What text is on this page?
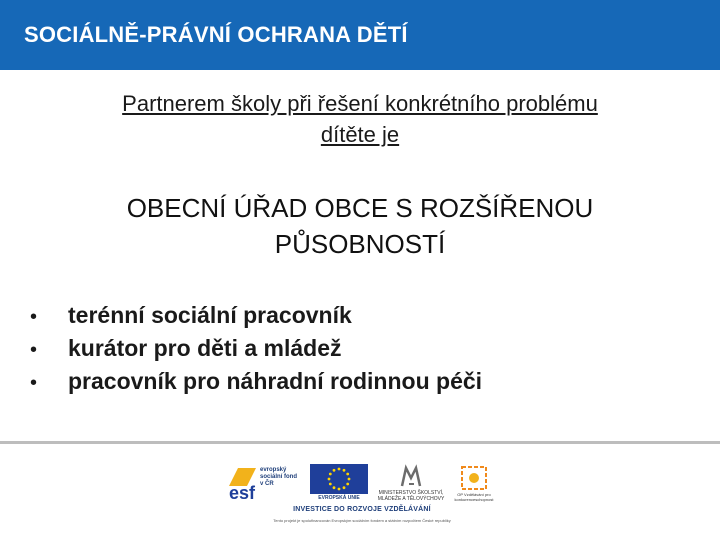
SOCIÁLNĚ-PRÁVNÍ OCHRANA DĚTÍ
Partnerem školy při řešení konkrétního problému
dítěte je
OBECNÍ ÚŘAD OBCE S ROZŠÍŘENOU
PŮSOBNOSTÍ
•	terénní sociální pracovník
•	kurátor pro děti a mládež
•	pracovník pro náhradní rodinnou péči
esf
evropský sociální fond v ČR
EVROPSKÁ UNIE
MINISTERSTVO ŠKOLSTVÍ, MLÁDEŽE A TĚLOVÝCHOVY
OP Vzdělávání pro konkurenceschopnost
INVESTICE DO ROZVOJE VZDĚLÁVÁNÍ
Tento projekt je spolufinancován Evropským sociálním fondem a státním rozpočtem České republiky
